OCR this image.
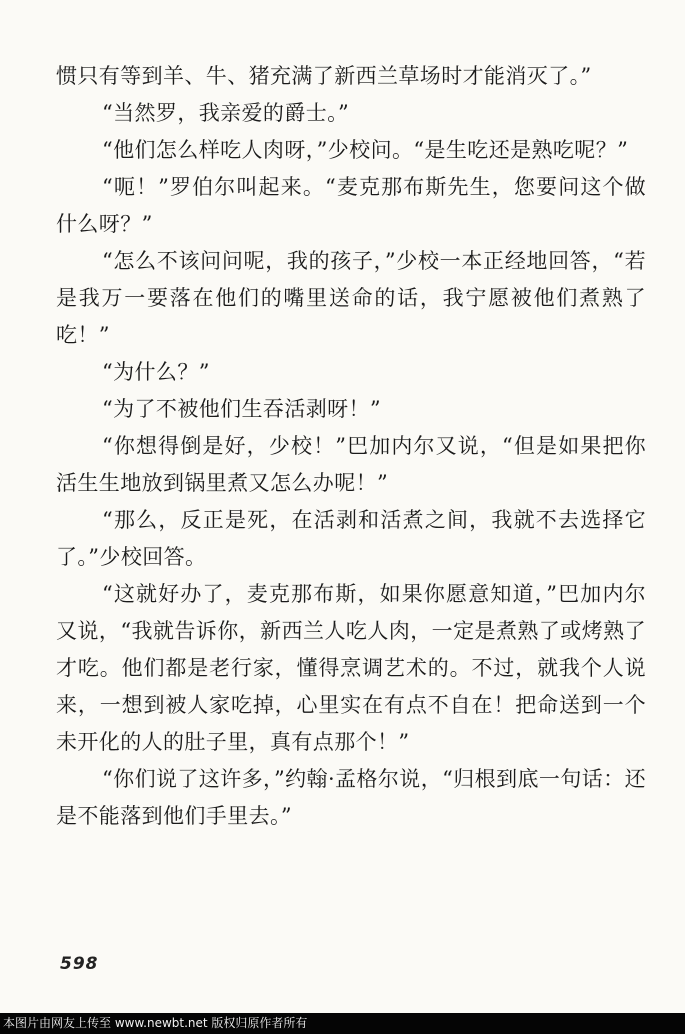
惯只有等到羊、牛、猪充满了新西兰草场时才能消灭了。”

“当然罗，我亲爱的爵士。”

“他们怎么样吃人肉呀，”少校问。“是生吃还是熟吃呢？”

“呃！”罗伯尔叫起来。“麦克那布斯先生，您要问这个做什么呀？”

“怎么不该问问呢，我的孩子，”少校一本正经地回答，“若是我万一要落在他们的嘴里送命的话，我宁愿被他们煮熟了吃！”

“为什么？”

“为了不被他们生吞活剥呀！”

“你想得倒是好，少校！”巴加内尔又说，“但是如果把你活生生地放到锅里煮又怎么办呢！”

“那么，反正是死，在活剥和活煮之间，我就不去选择它了。”少校回答。

“这就好办了，麦克那布斯，如果你愿意知道，”巴加内尔又说，“我就告诉你，新西兰人吃人肉，一定是煮熟了或烤熟了才吃。他们都是老行家，懂得烹调艺术的。不过，就我个人说来，一想到被人家吃掉，心里实在有点不自在！把命送到一个未开化的人的肚子里，真有点那个！”

“你们说了这许多，”约翰·孟格尔说，“归根到底一句话：还是不能落到他们手里去。”

598
本图片由网友上传至 www.newbt.net 版权归原作者所有
